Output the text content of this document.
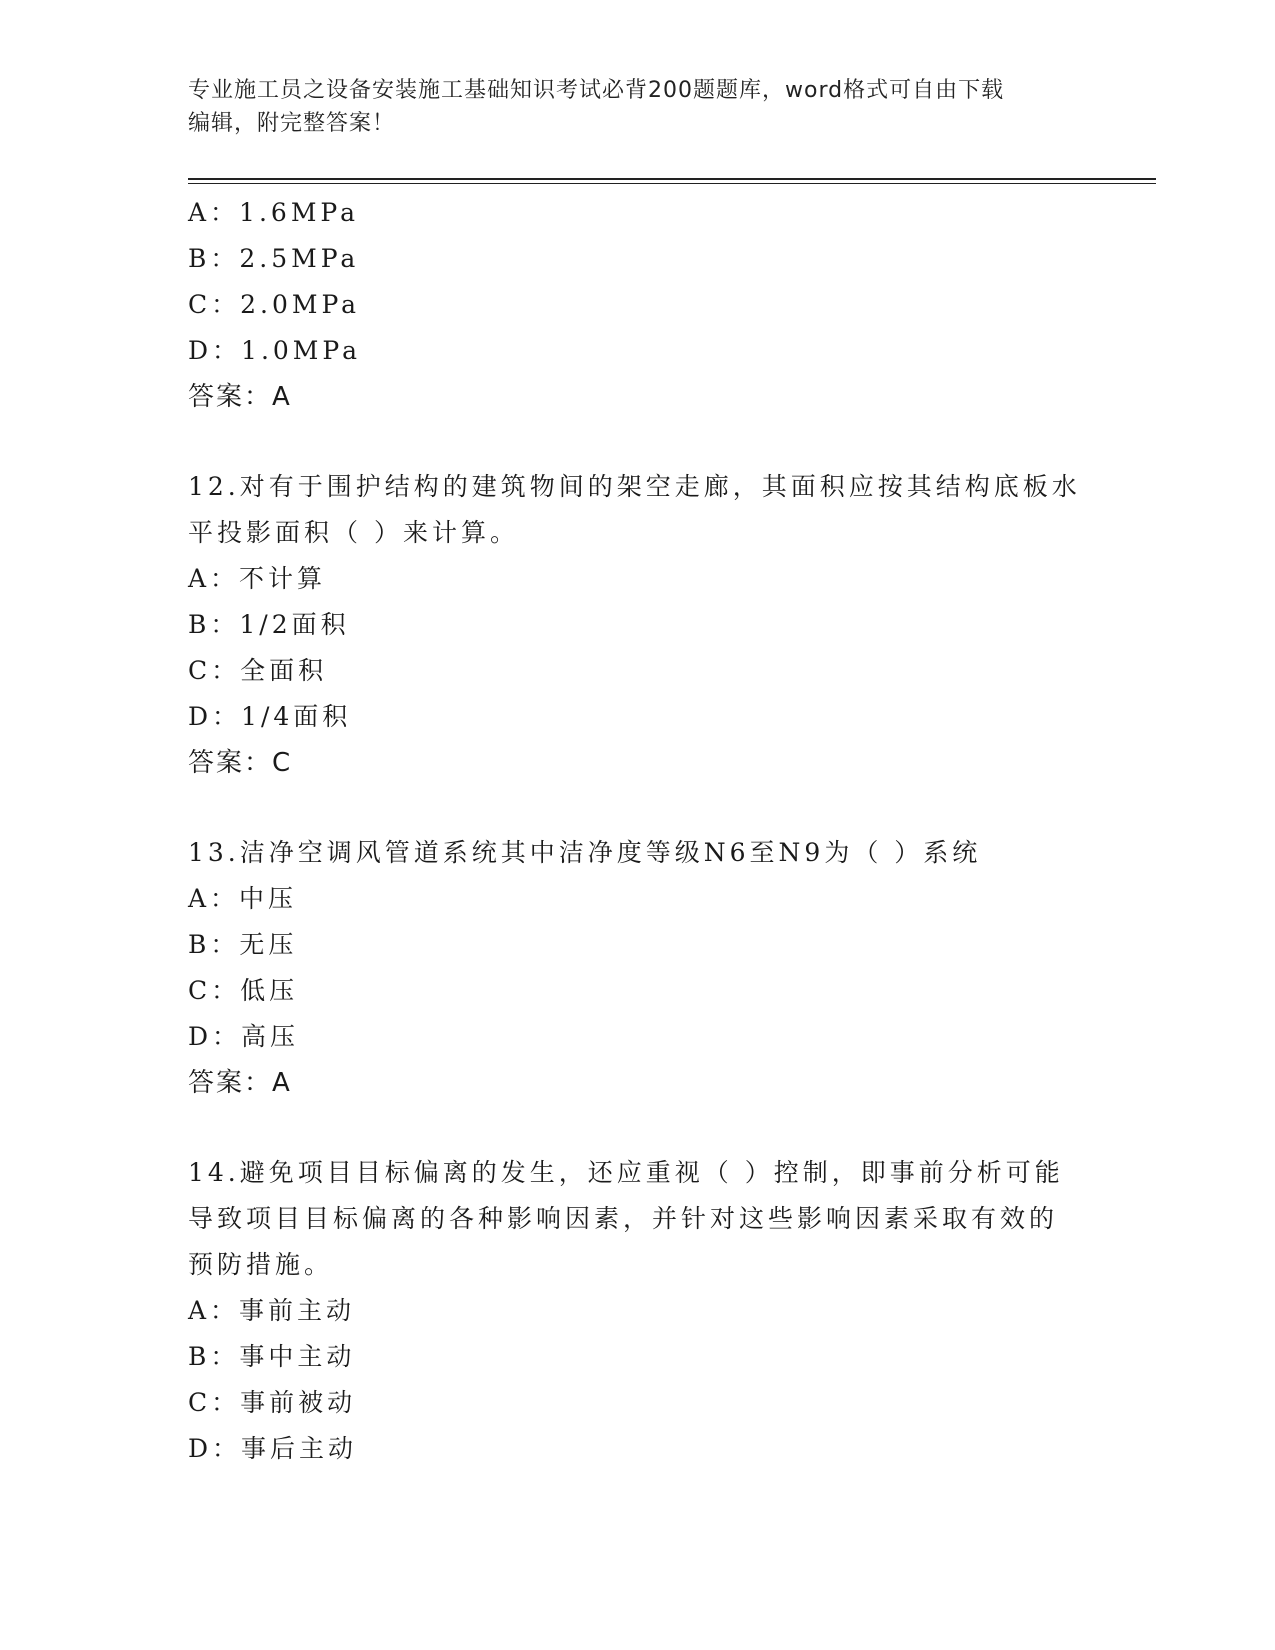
专业施工员之设备安装施工基础知识考试必背200题题库，word格式可自由下载
编辑，附完整答案！
A：1.6MPa
B：2.5MPa
C：2.0MPa
D：1.0MPa
答案：A
12.对有于围护结构的建筑物间的架空走廊，其面积应按其结构底板水
平投影面积（ ）来计算。
A：不计算
B：1/2面积
C：全面积
D：1/4面积
答案：C
13.洁净空调风管道系统其中洁净度等级N6至N9为（ ）系统
A：中压
B：无压
C：低压
D：高压
答案：A
14.避免项目目标偏离的发生，还应重视（ ）控制，即事前分析可能
导致项目目标偏离的各种影响因素，并针对这些影响因素采取有效的
预防措施。
A：事前主动
B：事中主动
C：事前被动
D：事后主动
